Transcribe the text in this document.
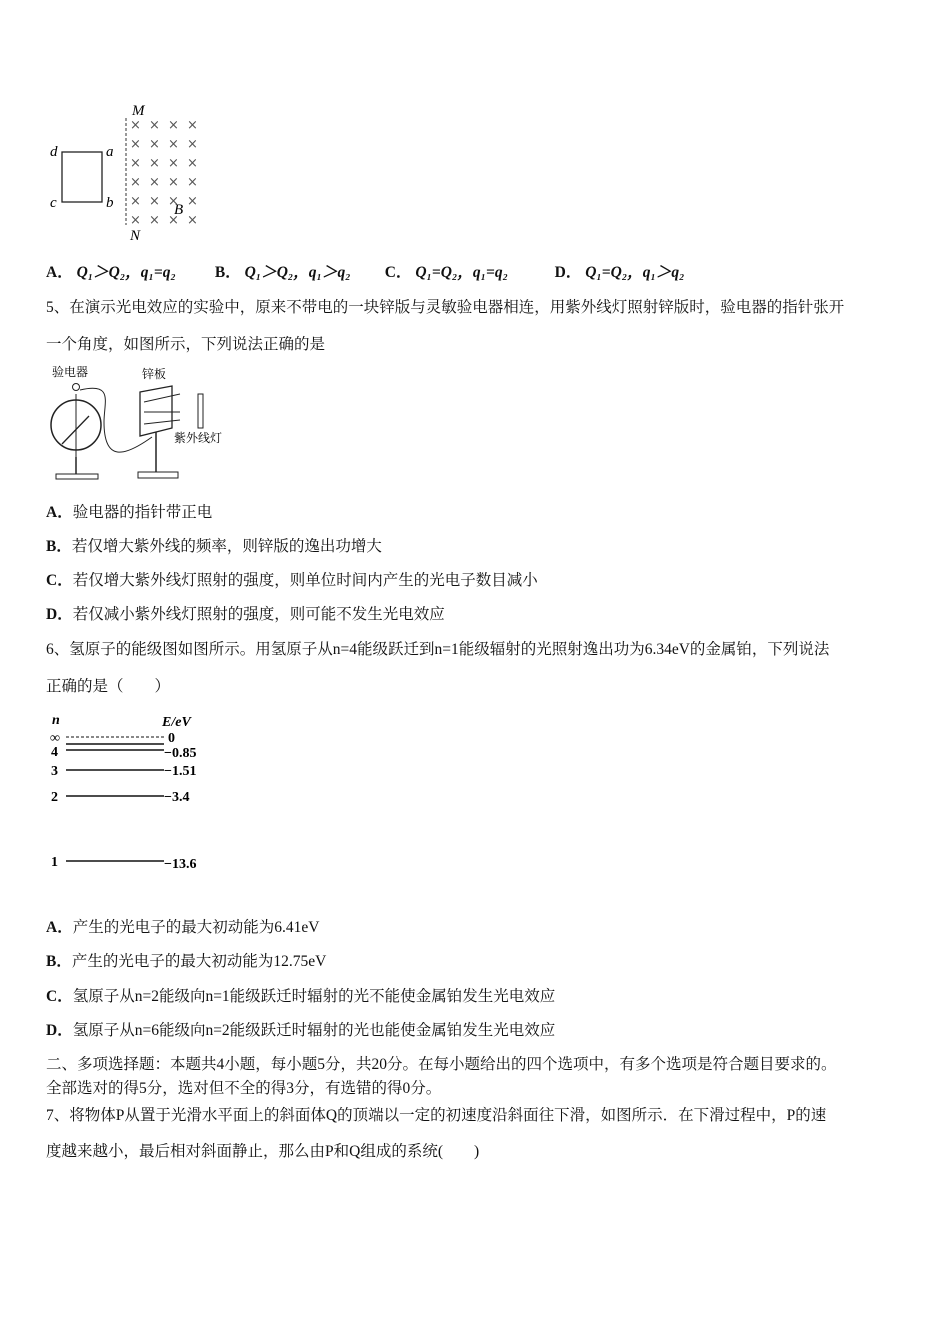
× × × ×
× × × ×
× × × ×
× × × ×
× × × ×
× × × ×
M
N
d	a
c	b	B
A． Q₁＞Q₂，q₁=q₂	B． Q₁＞Q₂，q₁＞q₂ C． Q₁=Q₂，q₁=q₂	D． Q₁=Q₂，q₁＞q₂
5、在演示光电效应的实验中，原来不带电的一块锌版与灵敏验电器相连，用紫外线灯照射锌版时，验电器的指针张开
一个角度，如图所示，下列说法正确的是
验电器	锌板
紫外线灯
A．验电器的指针带正电
B．若仅增大紫外线的频率，则锌版的逸出功增大
C．若仅增大紫外线灯照射的强度，则单位时间内产生的光电子数目减小
D．若仅减小紫外线灯照射的强度，则可能不发生光电效应
6、氢原子的能级图如图所示。用氢原子从n=4能级跃迁到n=1能级辐射的光照射逸出功为6.34eV的金属铂，下列说法
正确的是（　　）
n	E/eV
∞	0
4	−0.85
3	−1.51
2	−3.4
1	−13.6
A．产生的光电子的最大初动能为6.41eV
B．产生的光电子的最大初动能为12.75eV
C．氢原子从n=2能级向n=1能级跃迁时辐射的光不能使金属铂发生光电效应
D．氢原子从n=6能级向n=2能级跃迁时辐射的光也能使金属铂发生光电效应
二、多项选择题：本题共4小题，每小题5分，共20分。在每小题给出的四个选项中，有多个选项是符合题目要求的。
全部选对的得5分，选对但不全的得3分，有选错的得0分。
7、将物体P从置于光滑水平面上的斜面体Q的顶端以一定的初速度沿斜面往下滑，如图所示．在下滑过程中，P的速
度越来越小，最后相对斜面静止，那么由P和Q组成的系统(　　)
